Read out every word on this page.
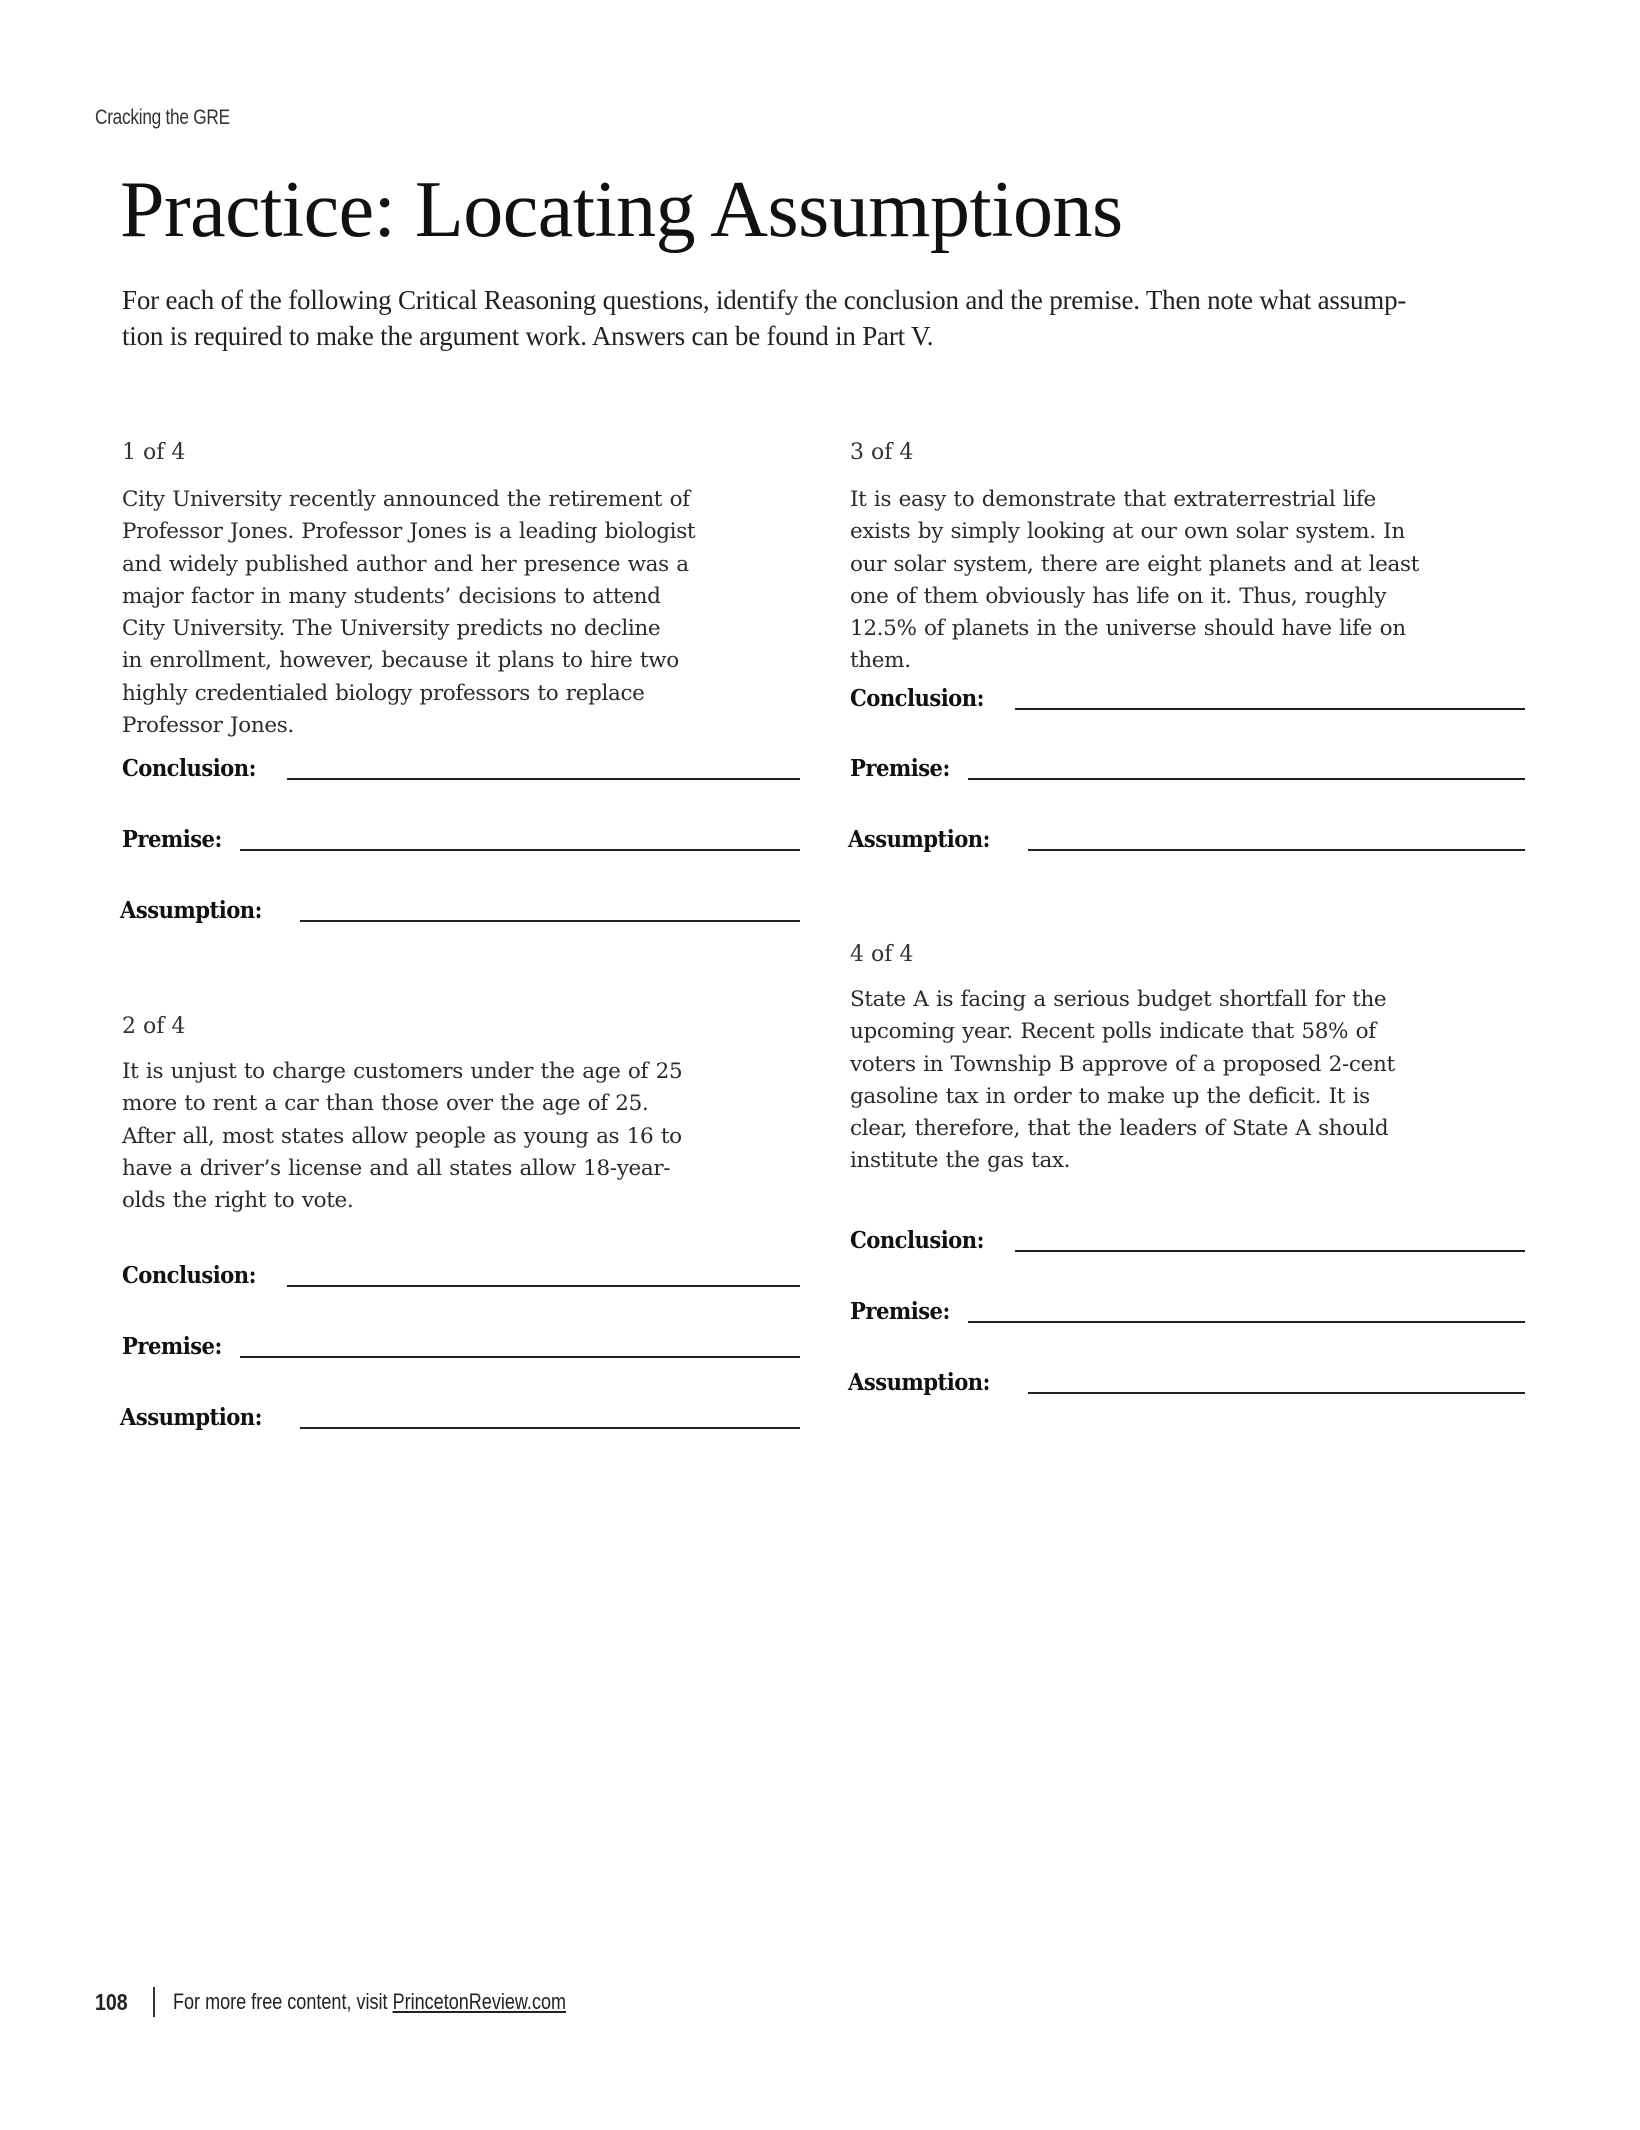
Cracking the GRE
Practice: Locating Assumptions
For each of the following Critical Reasoning questions, identify the conclusion and the premise. Then note what assump-
tion is required to make the argument work. Answers can be found in Part V.
1 of 4
City University recently announced the retirement of
Professor Jones. Professor Jones is a leading biologist
and widely published author and her presence was a
major factor in many students’ decisions to attend
City University. The University predicts no decline
in enrollment, however, because it plans to hire two
highly credentialed biology professors to replace
Professor Jones.
Conclusion:
Premise:
Assumption:
2 of 4
It is unjust to charge customers under the age of 25
more to rent a car than those over the age of 25.
After all, most states allow people as young as 16 to
have a driver’s license and all states allow 18-year-
olds the right to vote.
Conclusion:
Premise:
Assumption:
3 of 4
It is easy to demonstrate that extraterrestrial life
exists by simply looking at our own solar system. In
our solar system, there are eight planets and at least
one of them obviously has life on it. Thus, roughly
12.5% of planets in the universe should have life on
them.
Conclusion:
Premise:
Assumption:
4 of 4
State A is facing a serious budget shortfall for the
upcoming year. Recent polls indicate that 58% of
voters in Township B approve of a proposed 2-cent
gasoline tax in order to make up the deficit. It is
clear, therefore, that the leaders of State A should
institute the gas tax.
Conclusion:
Premise:
Assumption:
108	For more free content, visit PrincetonReview.com
